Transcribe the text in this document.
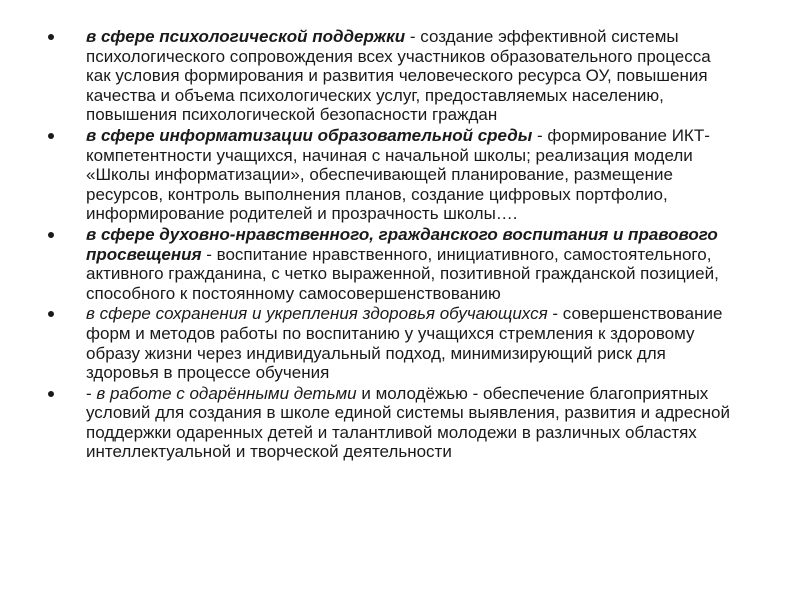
в сфере психологической поддержки - создание эффективной системы психологического сопровождения всех участников образовательного процесса как условия формирования и развития человеческого ресурса ОУ, повышения качества и объема психологических услуг, предоставляемых населению, повышения психологической безопасности граждан
в сфере информатизации образовательной среды - формирование ИКТ-компетентности учащихся, начиная с начальной школы; реализация модели «Школы информатизации», обеспечивающей планирование, размещение ресурсов, контроль выполнения планов, создание цифровых портфолио, информирование родителей и прозрачность школы….
в сфере духовно-нравственного, гражданского воспитания и правового просвещения - воспитание нравственного, инициативного, самостоятельного, активного гражданина, с четко выраженной, позитивной гражданской позицией, способного к постоянному самосовершенствованию
в сфере сохранения и укрепления здоровья обучающихся - совершенствование форм и методов работы по воспитанию у учащихся стремления к здоровому образу жизни через индивидуальный подход, минимизирующий риск для здоровья в процессе обучения
- в работе с одарёнными детьми и молодёжью - обеспечение благоприятных условий для создания в школе единой системы выявления, развития и адресной поддержки одаренных детей и талантливой молодежи в различных областях интеллектуальной и творческой деятельности
